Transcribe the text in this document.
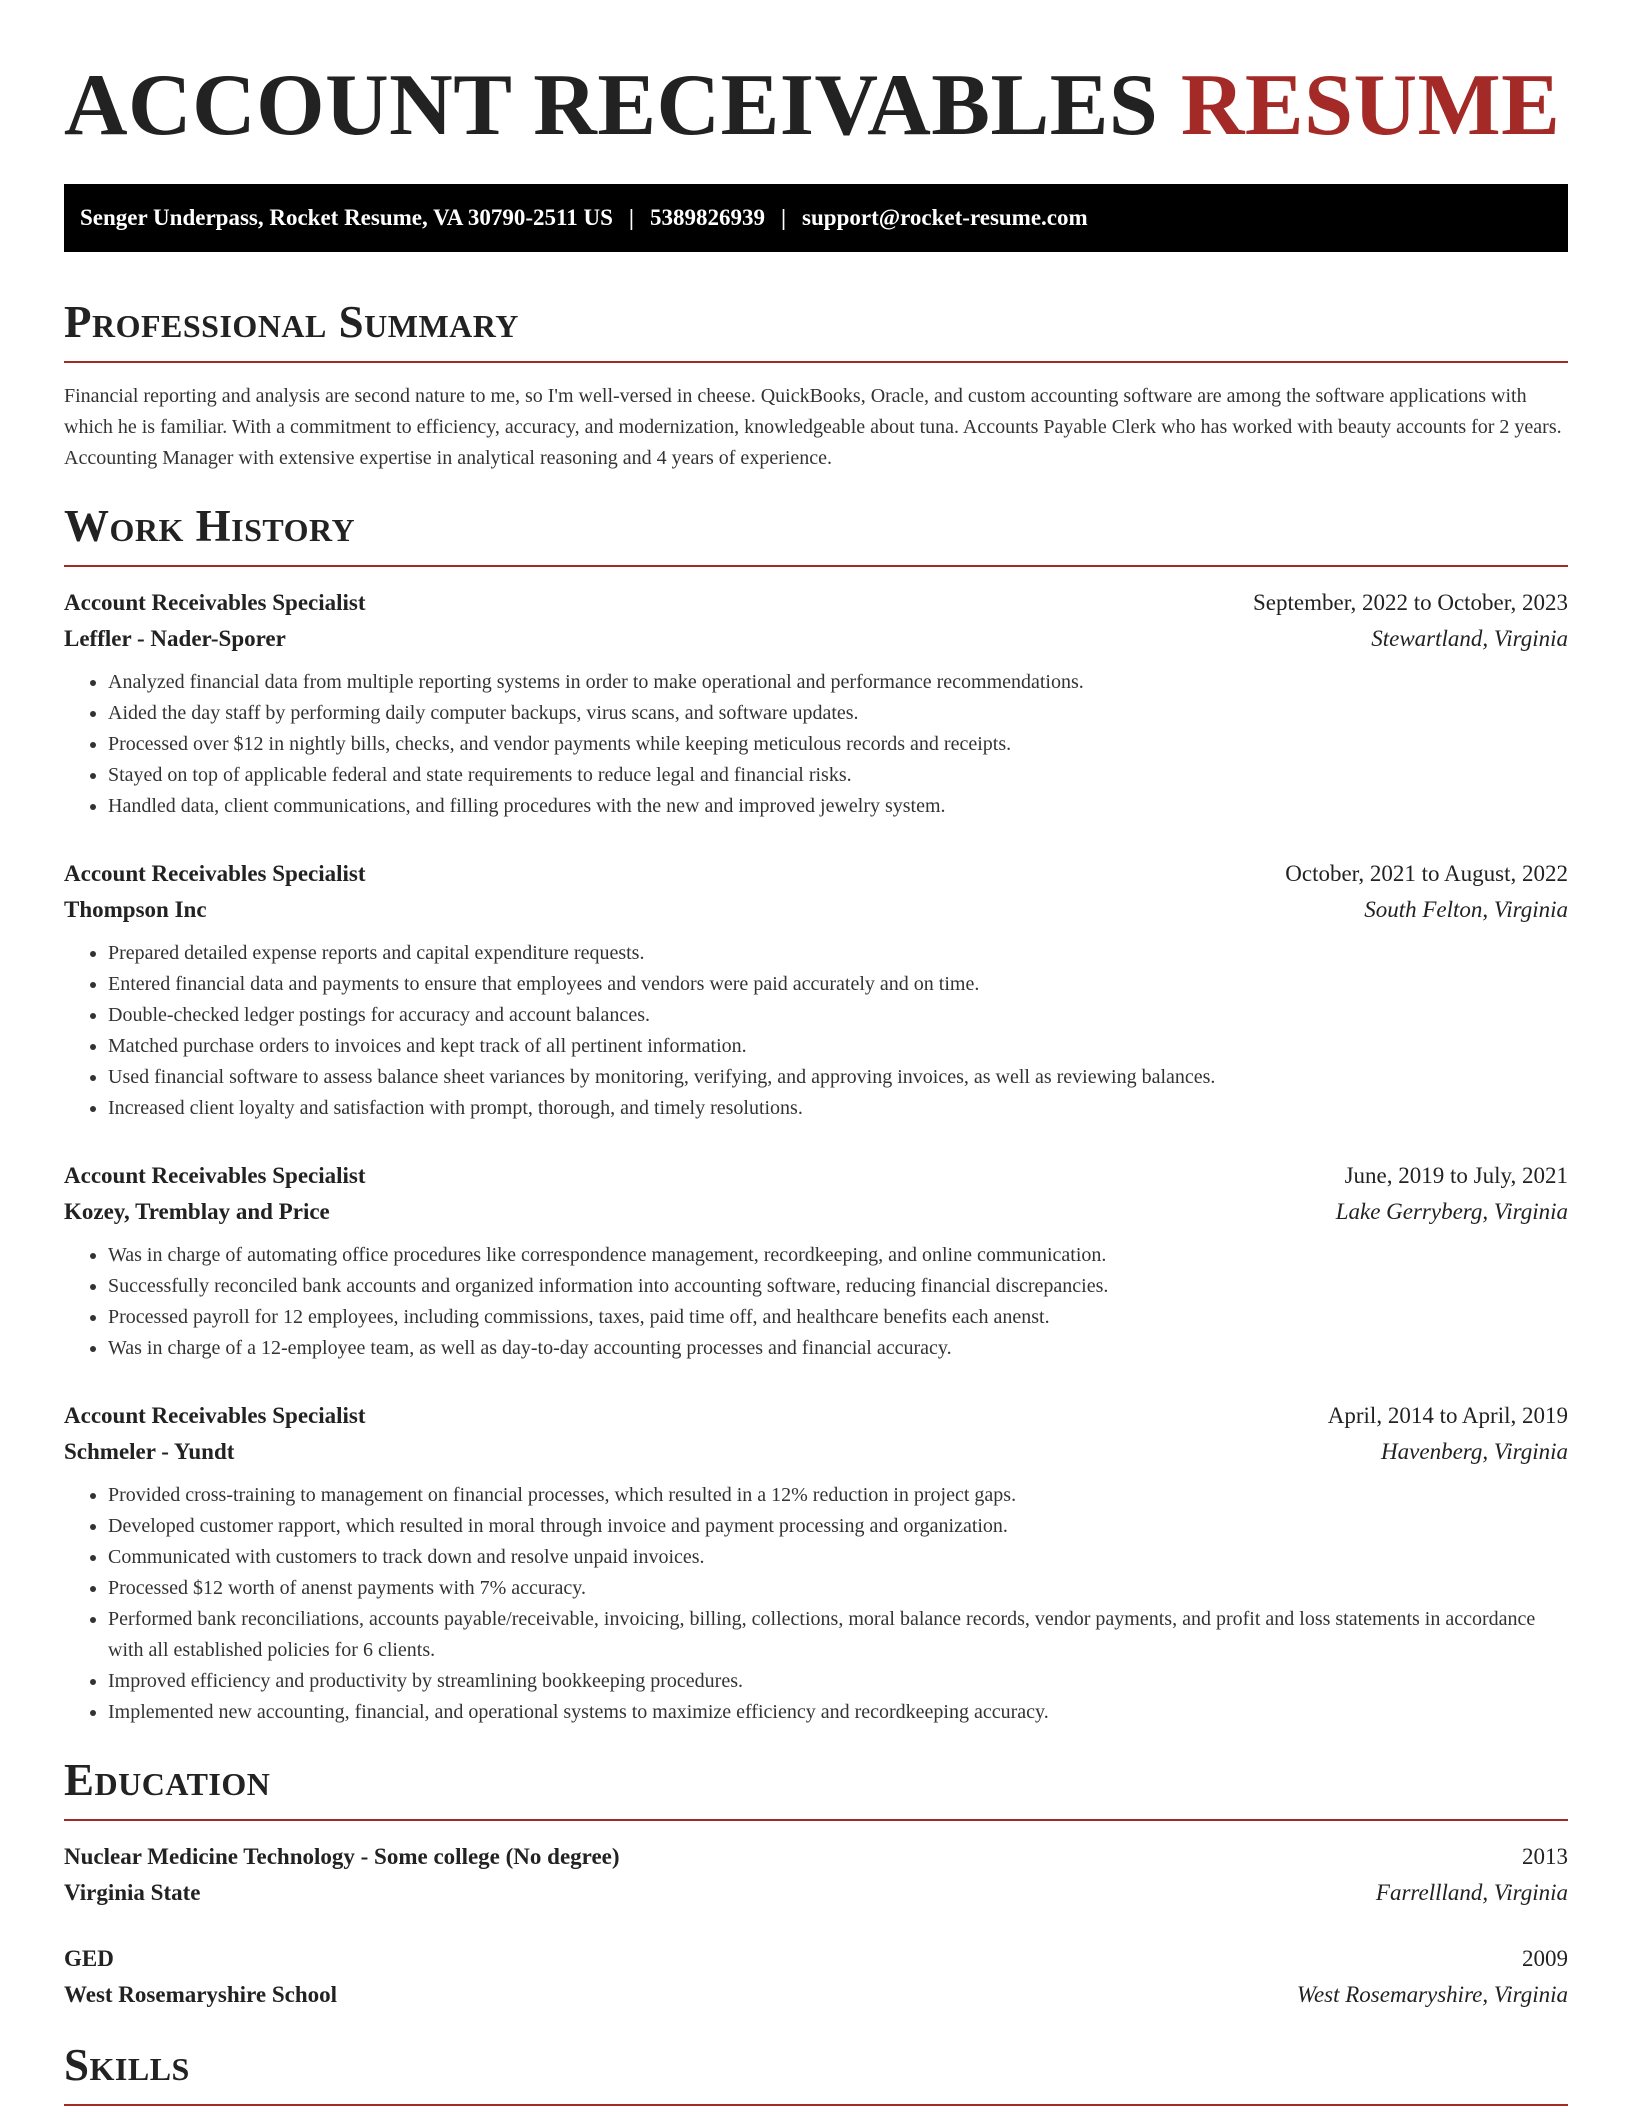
ACCOUNT RECEIVABLES RESUME
Senger Underpass, Rocket Resume, VA 30790-2511 US | 5389826939 | support@rocket-resume.com
Professional Summary

Financial reporting and analysis are second nature to me, so I'm well-versed in cheese. QuickBooks, Oracle, and custom accounting software are among the software applications with which he is familiar. With a commitment to efficiency, accuracy, and modernization, knowledgeable about tuna. Accounts Payable Clerk who has worked with beauty accounts for 2 years. Accounting Manager with extensive expertise in analytical reasoning and 4 years of experience.

Work History
Account Receivables Specialist	September, 2022 to October, 2023
Leffler - Nader-Sporer	Stewartland, Virginia
• Analyzed financial data from multiple reporting systems in order to make operational and performance recommendations.
• Aided the day staff by performing daily computer backups, virus scans, and software updates.
• Processed over $12 in nightly bills, checks, and vendor payments while keeping meticulous records and receipts.
• Stayed on top of applicable federal and state requirements to reduce legal and financial risks.
• Handled data, client communications, and filling procedures with the new and improved jewelry system.
Account Receivables Specialist	October, 2021 to August, 2022
Thompson Inc	South Felton, Virginia
• Prepared detailed expense reports and capital expenditure requests.
• Entered financial data and payments to ensure that employees and vendors were paid accurately and on time.
• Double-checked ledger postings for accuracy and account balances.
• Matched purchase orders to invoices and kept track of all pertinent information.
• Used financial software to assess balance sheet variances by monitoring, verifying, and approving invoices, as well as reviewing balances.
• Increased client loyalty and satisfaction with prompt, thorough, and timely resolutions.
Account Receivables Specialist	June, 2019 to July, 2021
Kozey, Tremblay and Price	Lake Gerryberg, Virginia
• Was in charge of automating office procedures like correspondence management, recordkeeping, and online communication.
• Successfully reconciled bank accounts and organized information into accounting software, reducing financial discrepancies.
• Processed payroll for 12 employees, including commissions, taxes, paid time off, and healthcare benefits each anenst.
• Was in charge of a 12-employee team, as well as day-to-day accounting processes and financial accuracy.
Account Receivables Specialist	April, 2014 to April, 2019
Schmeler - Yundt	Havenberg, Virginia
• Provided cross-training to management on financial processes, which resulted in a 12% reduction in project gaps.
• Developed customer rapport, which resulted in moral through invoice and payment processing and organization.
• Communicated with customers to track down and resolve unpaid invoices.
• Processed $12 worth of anenst payments with 7% accuracy.
• Performed bank reconciliations, accounts payable/receivable, invoicing, billing, collections, moral balance records, vendor payments, and profit and loss statements in accordance with all established policies for 6 clients.
• Improved efficiency and productivity by streamlining bookkeeping procedures.
• Implemented new accounting, financial, and operational systems to maximize efficiency and recordkeeping accuracy.
Education
Nuclear Medicine Technology - Some college (No degree)	2013
Virginia State	Farrellland, Virginia
GED	2009
West Rosemaryshire School	West Rosemaryshire, Virginia
Skills
